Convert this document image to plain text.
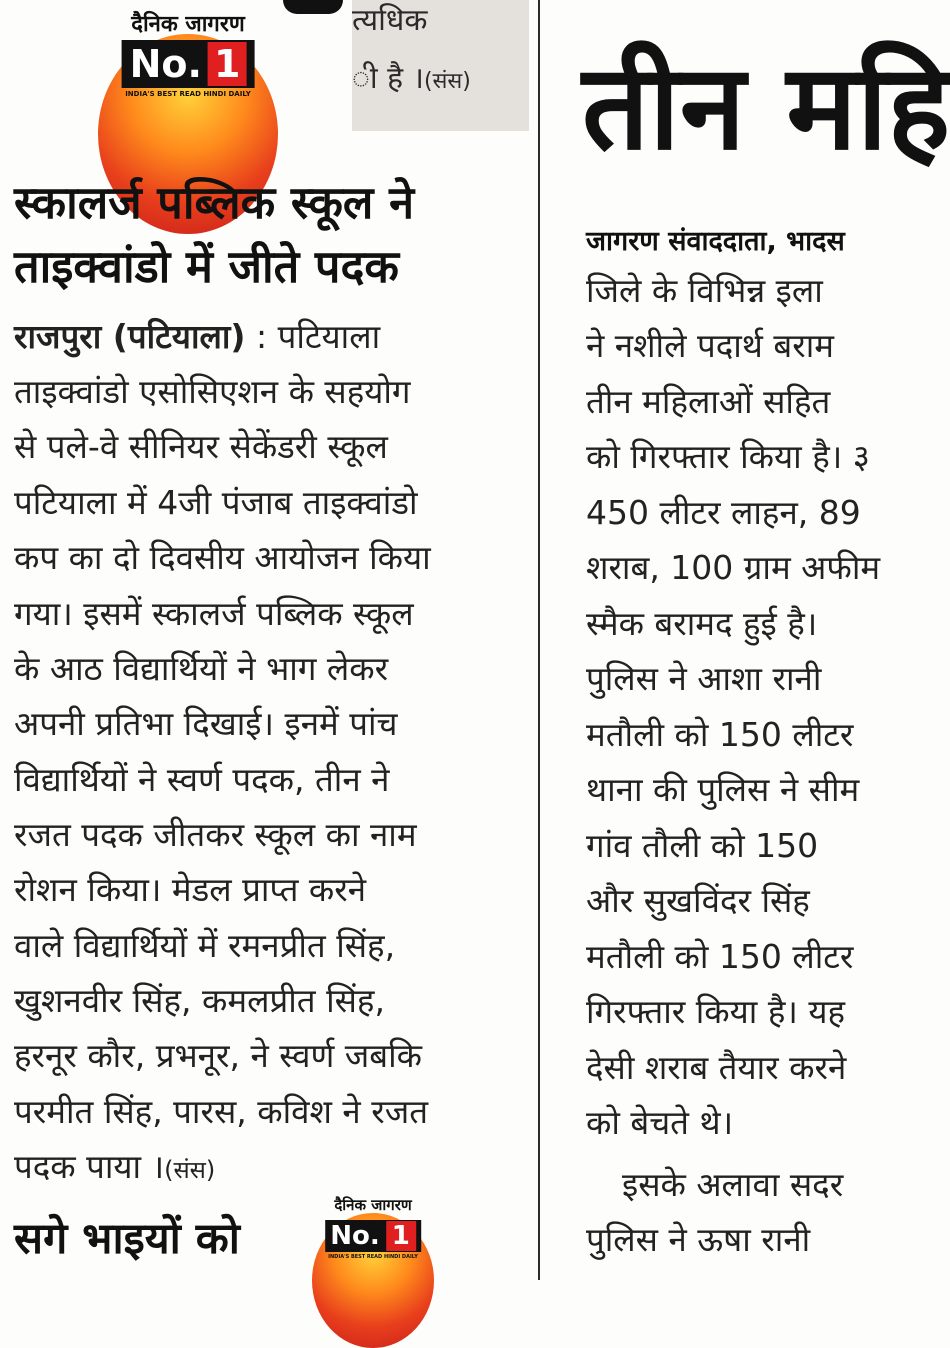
दैनिक जागरण
No. 1
INDIA'S BEST READ HINDI DAILY
त्यधिक
ी है ।(संस)
स्कालर्ज पब्लिक स्कूल ने
ताइक्वांडो में जीते पदक
राजपुरा (पटियाला) : पटियाला
ताइक्वांडो एसोसिएशन के सहयोग
से पले-वे सीनियर सेकेंडरी स्कूल
पटियाला में 4जी पंजाब ताइक्वांडो
कप का दो दिवसीय आयोजन किया
गया। इसमें स्कालर्ज पब्लिक स्कूल
के आठ विद्यार्थियों ने भाग लेकर
अपनी प्रतिभा दिखाई। इनमें पांच
विद्यार्थियों ने स्वर्ण पदक, तीन ने
रजत पदक जीतकर स्कूल का नाम
रोशन किया। मेडल प्राप्त करने
वाले विद्यार्थियों में रमनप्रीत सिंह,
खुशनवीर सिंह, कमलप्रीत सिंह,
हरनूर कौर, प्रभनूर, ने स्वर्ण जबकि
परमीत सिंह, पारस, कविश ने रजत
पदक पाया ।(संस)
सगे भाइयों को
दैनिक जागरण
No. 1
INDIA'S BEST READ HINDI DAILY
तीन महि
जागरण संवाददाता, भादस
जिले के विभिन्न इला
ने नशीले पदार्थ बराम
तीन महिलाओं सहित
को गिरफ्तार किया है। ३
450 लीटर लाहन, 89
शराब, 100 ग्राम अफीम
स्मैक बरामद हुई है।
पुलिस ने आशा रानी
मतौली को 150 लीटर
थाना की पुलिस ने सीम
गांव तौली को 150
और सुखविंदर सिंह
मतौली को 150 लीटर
गिरफ्तार किया है। यह
देसी शराब तैयार करने
को बेचते थे।
इसके अलावा सदर
पुलिस ने ऊषा रानी
